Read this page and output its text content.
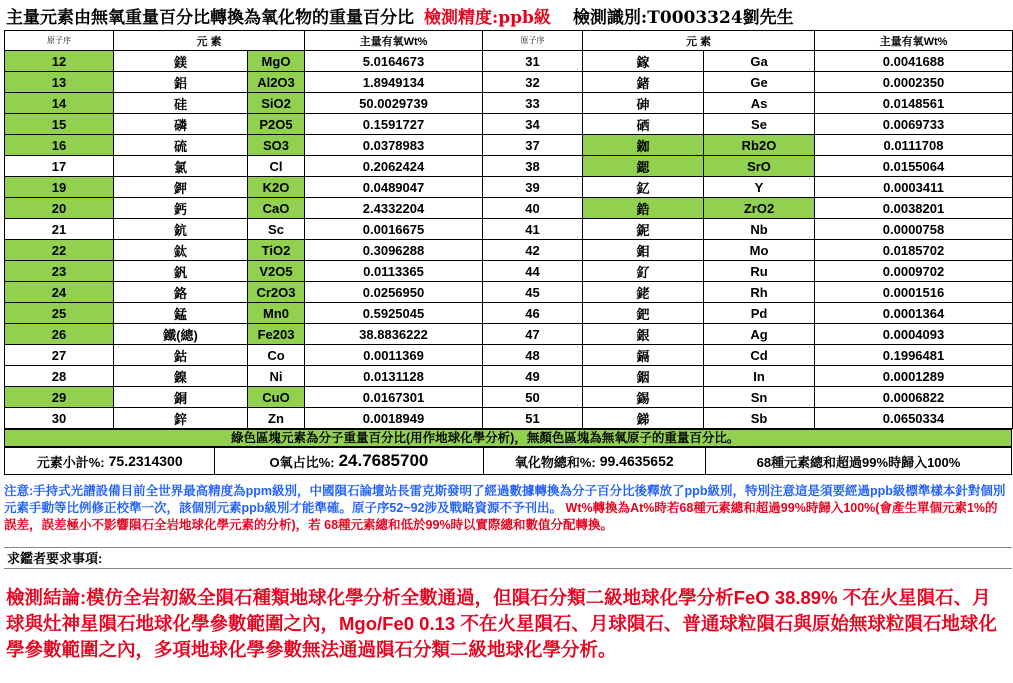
主量元素由無氧重量百分比轉換為氧化物的重量百分比 檢測精度:ppb級 檢測識別:T0003324劉先生
原子序	元 素		主量有氧Wt%	原子序	元 素		主量有氧Wt%
12	鎂	MgO	5.0164673	31	鎵	Ga	0.0041688
13	鋁	Al2O3	1.8949134	32	鍺	Ge	0.0002350
14	硅	SiO2	50.0029739	33	砷	As	0.0148561
15	磷	P2O5	0.1591727	34	硒	Se	0.0069733
16	硫	SO3	0.0378983	37	銣	Rb2O	0.0111708
17	氯	Cl	0.2062424	38	鍶	SrO	0.0155064
19	鉀	K2O	0.0489047	39	釔	Y	0.0003411
20	鈣	CaO	2.4332204	40	鋯	ZrO2	0.0038201
21	鈧	Sc	0.0016675	41	鈮	Nb	0.0000758
22	鈦	TiO2	0.3096288	42	鉬	Mo	0.0185702
23	釩	V2O5	0.0113365	44	釕	Ru	0.0009702
24	鉻	Cr2O3	0.0256950	45	銠	Rh	0.0001516
25	錳	Mn0	0.5925045	46	鈀	Pd	0.0001364
26	鐵(總)	Fe203	38.8836222	47	銀	Ag	0.0004093
27	鈷	Co	0.0011369	48	鎘	Cd	0.1996481
28	鎳	Ni	0.0131128	49	銦	In	0.0001289
29	銅	CuO	0.0167301	50	錫	Sn	0.0006822
30	鋅	Zn	0.0018949	51	銻	Sb	0.0650334
綠色區塊元素為分子重量百分比(用作地球化學分析)，無顏色區塊為無氧原子的重量百分比。
元素小計%: 75.2314300	O氧占比%: 24.7685700	氧化物總和%: 99.4635652	68種元素總和超過99%時歸入100%
注意:手持式光譜設備目前全世界最高精度為ppm級別，中國隕石論壇站長雷克斯發明了經過數據轉換為分子百分比後釋放了ppb級別，特別注意這是須要經過ppb級標準樣本針對個別元素手動等比例修正校準一次，該個別元素ppb級別才能準確。原子序52~92涉及戰略資源不予刊出。 Wt%轉換為At%時若68種元素總和超過99%時歸入100%(會產生單個元素1%的誤差，誤差極小不影響隕石全岩地球化學元素的分析)，若 68種元素總和低於99%時以實際總和數值分配轉換。
求鑑者要求事項:
檢測結論:模仿全岩初級全隕石種類地球化學分析全數通過，但隕石分類二級地球化學分析FeO 38.89% 不在火星隕石、月球與灶神星隕石地球化學參數範圍之內，Mgo/Fe0 0.13 不在火星隕石、月球隕石、普通球粒隕石與原始無球粒隕石地球化學參數範圍之內，多項地球化學參數無法通過隕石分類二級地球化學分析。
